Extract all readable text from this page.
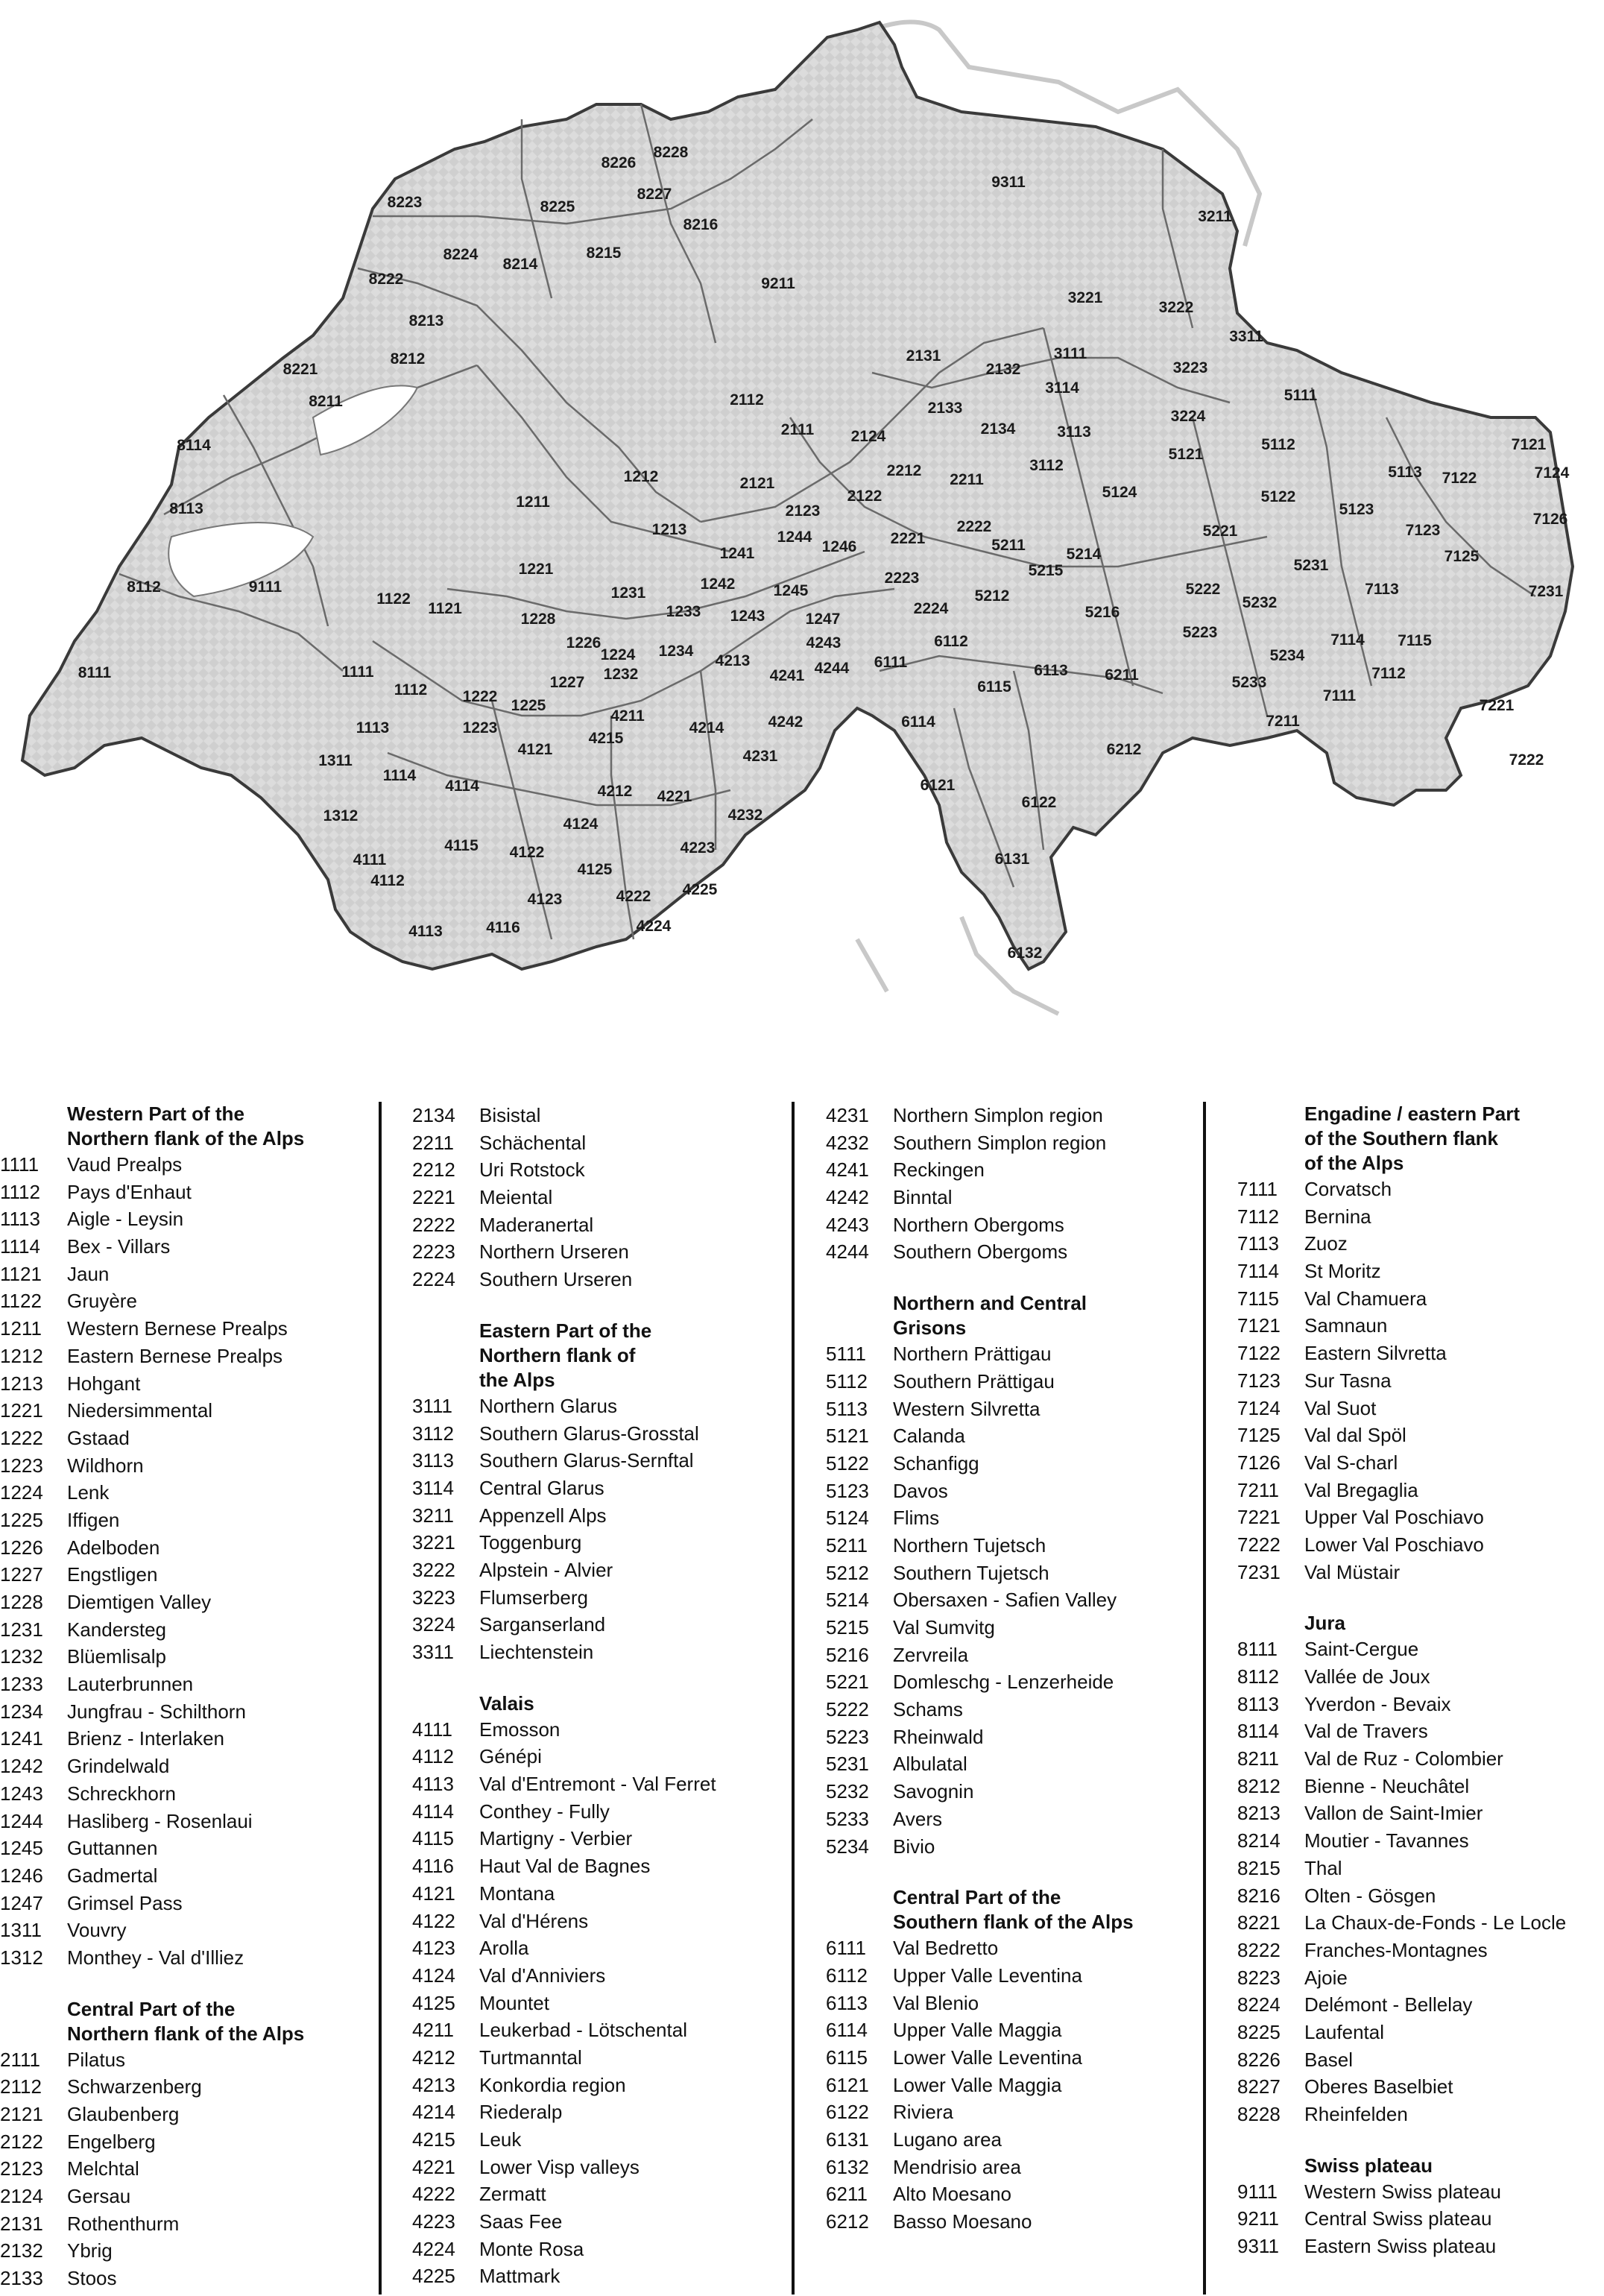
8228
8226
8227
8223	8225
8216
8224
8214
8215
8222
8213
8212
8221
8211
8114
8113
8112
8111
9111
9211
9311
3211
3221
3222
3311
3223
3224
3111
3114
3113
3112
2131
2132
2133
2134
2112
2111 2124
2121
2122
2123
2212
2211
1212
1211
1213
1221
1122
1121
1228
1226
1231
1241
1244
1246 2221
2222
5211
5215
5214
5124
5121
5111
5112
5113
5122
5123
7121
7122	7124
7126
7123
7125
7231
5221
5231
5222
5232
7113
5223
5234
7114 7115
5233
7111
7112
7211
7221
7222
1242 1245
1233 1243	1247
2223
2224
5212
5216
6112
6111
6115
6113 6211
6114
6212
6121
6122
6131
6132
4243
4244
4241
4213
1234
1224
1232
1227
1111
1112 1222
1225
1223
1113
4211
4215
4214	4242
4121	4231
1311
1114
4114	4212 4221
4232
1312	4124
4115 4122	4223
4111
4125
4112
4123	4222 4225
4113	4116	4224
Western Part of the
Northern flank of the Alps
1111 Vaud Prealps
1112 Pays d'Enhaut
1113 Aigle - Leysin
1114 Bex - Villars
1121 Jaun
1122 Gruyère
1211 Western Bernese Prealps
1212 Eastern Bernese Prealps
1213 Hohgant
1221 Niedersimmental
1222 Gstaad
1223 Wildhorn
1224 Lenk
1225 Iffigen
1226 Adelboden
1227 Engstligen
1228 Diemtigen Valley
1231 Kandersteg
1232 Blüemlisalp
1233 Lauterbrunnen
1234 Jungfrau - Schilthorn
1241 Brienz - Interlaken
1242 Grindelwald
1243 Schreckhorn
1244 Hasliberg - Rosenlaui
1245 Guttannen
1246 Gadmertal
1247 Grimsel Pass
1311 Vouvry
1312 Monthey - Val d'Illiez
Central Part of the
Northern flank of the Alps
2111 Pilatus
2112 Schwarzenberg
2121 Glaubenberg
2122 Engelberg
2123 Melchtal
2124 Gersau
2131 Rothenthurm
2132 Ybrig
2133 Stoos
2134 Bisistal
2211 Schächental
2212 Uri Rotstock
2221 Meiental
2222 Maderanertal
2223 Northern Urseren
2224 Southern Urseren
Eastern Part of the
Northern flank of
the Alps
3111 Northern Glarus
3112 Southern Glarus-Grosstal
3113 Southern Glarus-Sernftal
3114 Central Glarus
3211 Appenzell Alps
3221 Toggenburg
3222 Alpstein - Alvier
3223 Flumserberg
3224 Sarganserland
3311 Liechtenstein
Valais
4111 Emosson
4112 Génépi
4113 Val d'Entremont - Val Ferret
4114 Conthey - Fully
4115 Martigny - Verbier
4116 Haut Val de Bagnes
4121 Montana
4122 Val d'Hérens
4123 Arolla
4124 Val d'Anniviers
4125 Mountet
4211 Leukerbad - Lötschental
4212 Turtmanntal
4213 Konkordia region
4214 Riederalp
4215 Leuk
4221 Lower Visp valleys
4222 Zermatt
4223 Saas Fee
4224 Monte Rosa
4225 Mattmark
4231 Northern Simplon region
4232 Southern Simplon region
4241 Reckingen
4242 Binntal
4243 Northern Obergoms
4244 Southern Obergoms
Northern and Central
Grisons
5111 Northern Prättigau
5112 Southern Prättigau
5113 Western Silvretta
5121 Calanda
5122 Schanfigg
5123 Davos
5124 Flims
5211 Northern Tujetsch
5212 Southern Tujetsch
5214 Obersaxen - Safien Valley
5215 Val Sumvitg
5216 Zervreila
5221 Domleschg - Lenzerheide
5222 Schams
5223 Rheinwald
5231 Albulatal
5232 Savognin
5233 Avers
5234 Bivio
Central Part of the
Southern flank of the Alps
6111 Val Bedretto
6112 Upper Valle Leventina
6113 Val Blenio
6114 Upper Valle Maggia
6115 Lower Valle Leventina
6121 Lower Valle Maggia
6122 Riviera
6131 Lugano area
6132 Mendrisio area
6211 Alto Moesano
6212 Basso Moesano
Engadine / eastern Part
of the Southern flank
of the Alps
7111 Corvatsch
7112 Bernina
7113 Zuoz
7114 St Moritz
7115 Val Chamuera
7121 Samnaun
7122 Eastern Silvretta
7123 Sur Tasna
7124 Val Suot
7125 Val dal Spöl
7126 Val S-charl
7211 Val Bregaglia
7221 Upper Val Poschiavo
7222 Lower Val Poschiavo
7231 Val Müstair
Jura
8111 Saint-Cergue
8112 Vallée de Joux
8113 Yverdon - Bevaix
8114 Val de Travers
8211 Val de Ruz - Colombier
8212 Bienne - Neuchâtel
8213 Vallon de Saint-Imier
8214 Moutier - Tavannes
8215 Thal
8216 Olten - Gösgen
8221 La Chaux-de-Fonds - Le Locle
8222 Franches-Montagnes
8223 Ajoie
8224 Delémont - Bellelay
8225 Laufental
8226 Basel
8227 Oberes Baselbiet
8228 Rheinfelden
Swiss plateau
9111 Western Swiss plateau
9211 Central Swiss plateau
9311 Eastern Swiss plateau
